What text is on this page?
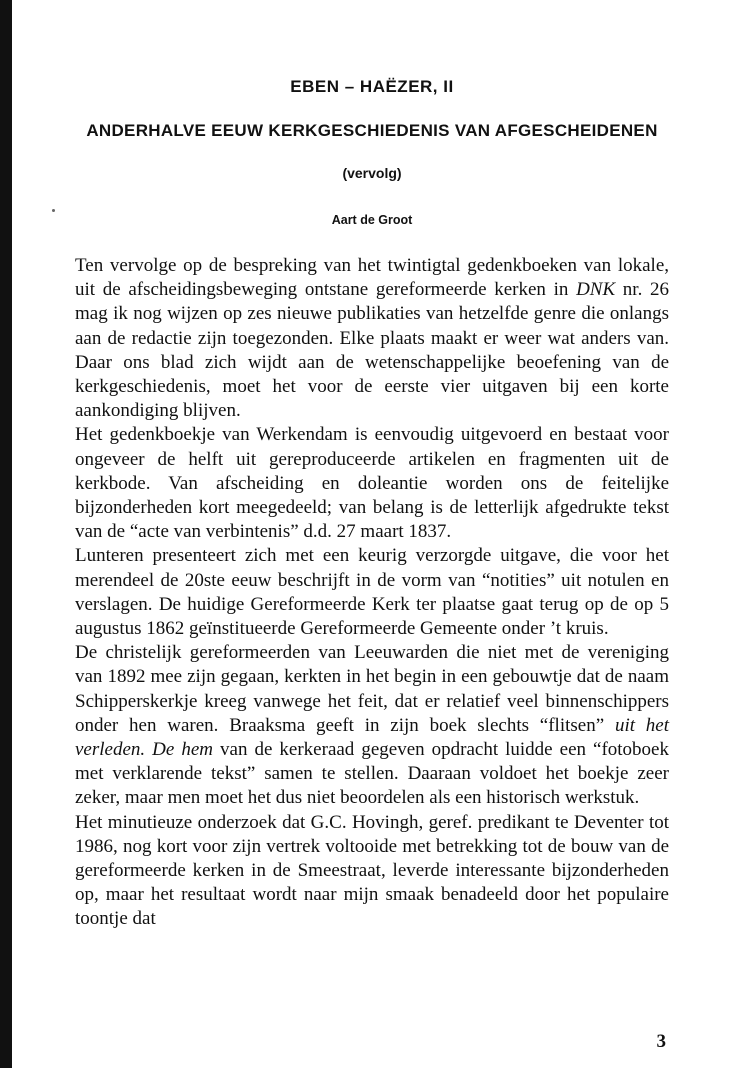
EBEN – HAËZER, II
ANDERHALVE EEUW KERKGESCHIEDENIS VAN AFGESCHEIDENEN
(vervolg)
Aart de Groot

Ten vervolge op de bespreking van het twintigtal gedenkboeken van lokale, uit de afscheidingsbeweging ontstane gereformeerde kerken in DNK nr. 26 mag ik nog wijzen op zes nieuwe publikaties van hetzelfde genre die onlangs aan de redactie zijn toegezonden. Elke plaats maakt er weer wat anders van. Daar ons blad zich wijdt aan de wetenschappelijke beoefening van de kerkgeschiedenis, moet het voor de eerste vier uitgaven bij een korte aankondiging blijven.

Het gedenkboekje van Werkendam is eenvoudig uitgevoerd en bestaat voor ongeveer de helft uit gereproduceerde artikelen en fragmenten uit de kerkbode. Van afscheiding en doleantie worden ons de feitelijke bijzonderheden kort meegedeeld; van belang is de letterlijk afgedrukte tekst van de “acte van verbintenis” d.d. 27 maart 1837.

Lunteren presenteert zich met een keurig verzorgde uitgave, die voor het merendeel de 20ste eeuw beschrijft in de vorm van “notities” uit notulen en verslagen. De huidige Gereformeerde Kerk ter plaatse gaat terug op de op 5 augustus 1862 geïnstitueerde Gereformeerde Gemeente onder ’t kruis.

De christelijk gereformeerden van Leeuwarden die niet met de vereniging van 1892 mee zijn gegaan, kerkten in het begin in een gebouwtje dat de naam Schipperskerkje kreeg vanwege het feit, dat er relatief veel binnenschippers onder hen waren. Braaksma geeft in zijn boek slechts “flitsen” uit het verleden. De hem van de kerkeraad gegeven opdracht luidde een “fotoboek met verklarende tekst” samen te stellen. Daaraan voldoet het boekje zeer zeker, maar men moet het dus niet beoordelen als een historisch werkstuk.

Het minutieuze onderzoek dat G.C. Hovingh, geref. predikant te Deventer tot 1986, nog kort voor zijn vertrek voltooide met betrekking tot de bouw van de gereformeerde kerken in de Smeestraat, leverde interessante bijzonderheden op, maar het resultaat wordt naar mijn smaak benadeeld door het populaire toontje dat

3
